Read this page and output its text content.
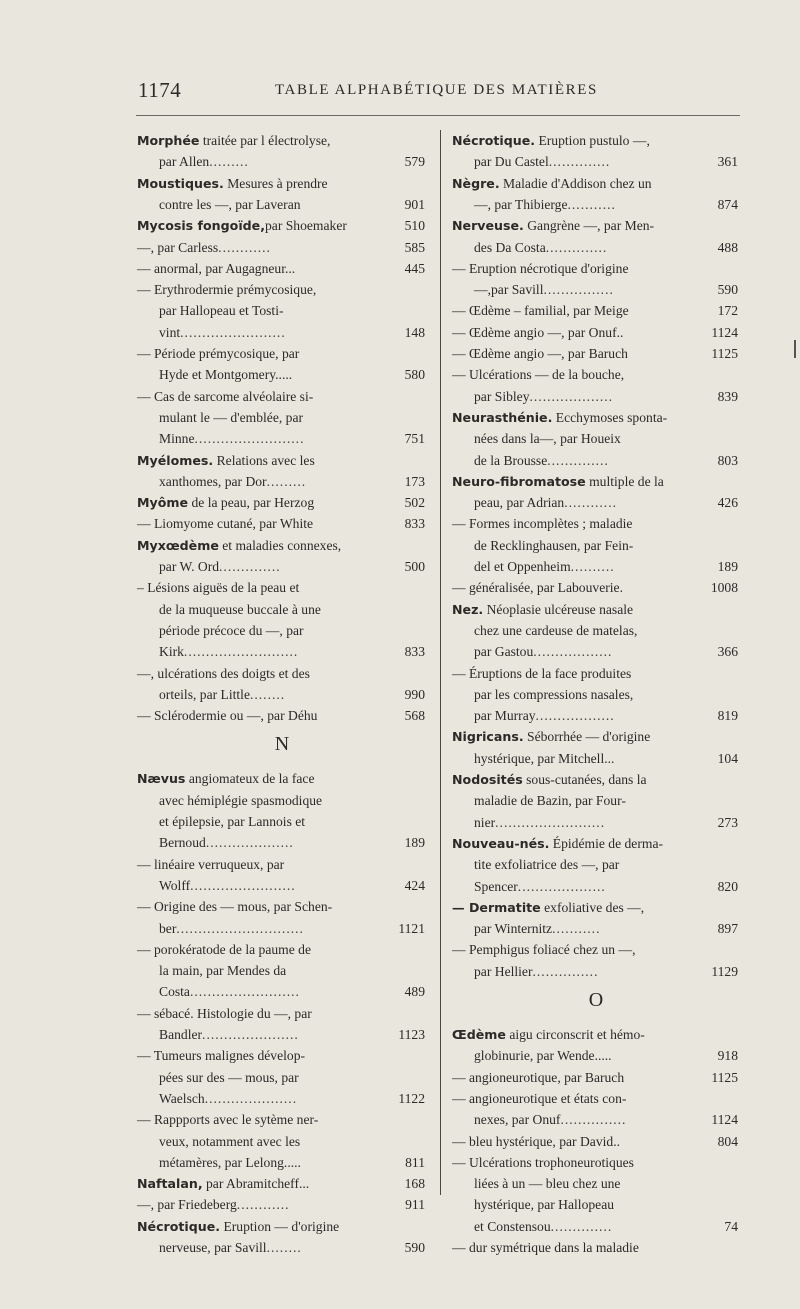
1174	TABLE ALPHABÉTIQUE DES MATIÈRES
Morphée traitée par l électrolyse,
par Allen.........	579
Moustiques. Mesures à prendre
contre les —, par Laveran	901
Mycosis fongoïde,par Shoemaker	510
—, par Carless............	585
— anormal, par Augagneur...	445
— Erythrodermie prémycosique,
par Hallopeau et Tosti-
vint........................	148
— Période prémycosique, par
Hyde et Montgomery.....	580
— Cas de sarcome alvéolaire si-
mulant le — d'emblée, par
Minne.........................	751
Myélomes. Relations avec les
xanthomes, par Dor.........	173
Myôme de la peau, par Herzog	502
— Liomyome cutané, par White	833
Myxœdème et maladies connexes,
par W. Ord..............	500
– Lésions aiguës de la peau et
de la muqueuse buccale à une
période précoce du —, par
Kirk..........................	833
—, ulcérations des doigts et des
orteils, par Little........	990
— Sclérodermie ou —, par Déhu	568
N
Nævus angiomateux de la face
avec hémiplégie spasmodique
et épilepsie, par Lannois et
Bernoud....................	189
— linéaire verruqueux, par
Wolff........................	424
— Origine des — mous, par Schen-
ber.............................	1121
— porokératode de la paume de
la main, par Mendes da
Costa.........................	489
— sébacé. Histologie du —, par
Bandler......................	1123
— Tumeurs malignes dévelop-
pées sur des — mous, par
Waelsch.....................	1122
— Rappports avec le sytème ner-
veux, notamment avec les
métamères, par Lelong.....	811
Naftalan, par Abramitcheff...	168
—, par Friedeberg............	911
Nécrotique. Eruption — d'origine
nerveuse, par Savill........	590
Nécrotique. Eruption pustulo —,
par Du Castel..............	361
Nègre. Maladie d'Addison chez un
—, par Thibierge...........	874
Nerveuse. Gangrène —, par Men-
des Da Costa..............	488
— Eruption nécrotique d'origine
—,par Savill................	590
— Œdème – familial, par Meige	172
— Œdème angio —, par Onuf..	1124
— Œdème angio —, par Baruch	1125
— Ulcérations — de la bouche,
par Sibley...................	839
Neurasthénie. Ecchymoses sponta-
nées dans la—, par Houeix
de la Brousse..............	803
Neuro-fibromatose multiple de la
peau, par Adrian............	426
— Formes incomplètes ; maladie
de Recklinghausen, par Fein-
del et Oppenheim..........	189
— généralisée, par Labouverie.	1008
Nez. Néoplasie ulcéreuse nasale
chez une cardeuse de matelas,
par Gastou..................	366
— Éruptions de la face produites
par les compressions nasales,
par Murray..................	819
Nigricans. Séborrhée — d'origine
hystérique, par Mitchell...	104
Nodosités sous-cutanées, dans la
maladie de Bazin, par Four-
nier.........................	273
Nouveau-nés. Épidémie de derma-
tite exfoliatrice des —, par
Spencer....................	820
— Dermatite exfoliative des —,
par Winternitz...........	897
— Pemphigus foliacé chez un —,
par Hellier...............	1129
O
Œdème aigu circonscrit et hémo-
globinurie, par Wende.....	918
— angioneurotique, par Baruch	1125
— angioneurotique et états con-
nexes, par Onuf...............	1124
— bleu hystérique, par David..	804
— Ulcérations trophoneurotiques
liées à un — bleu chez une
hystérique, par Hallopeau
et Constensou..............	74
— dur symétrique dans la maladie
